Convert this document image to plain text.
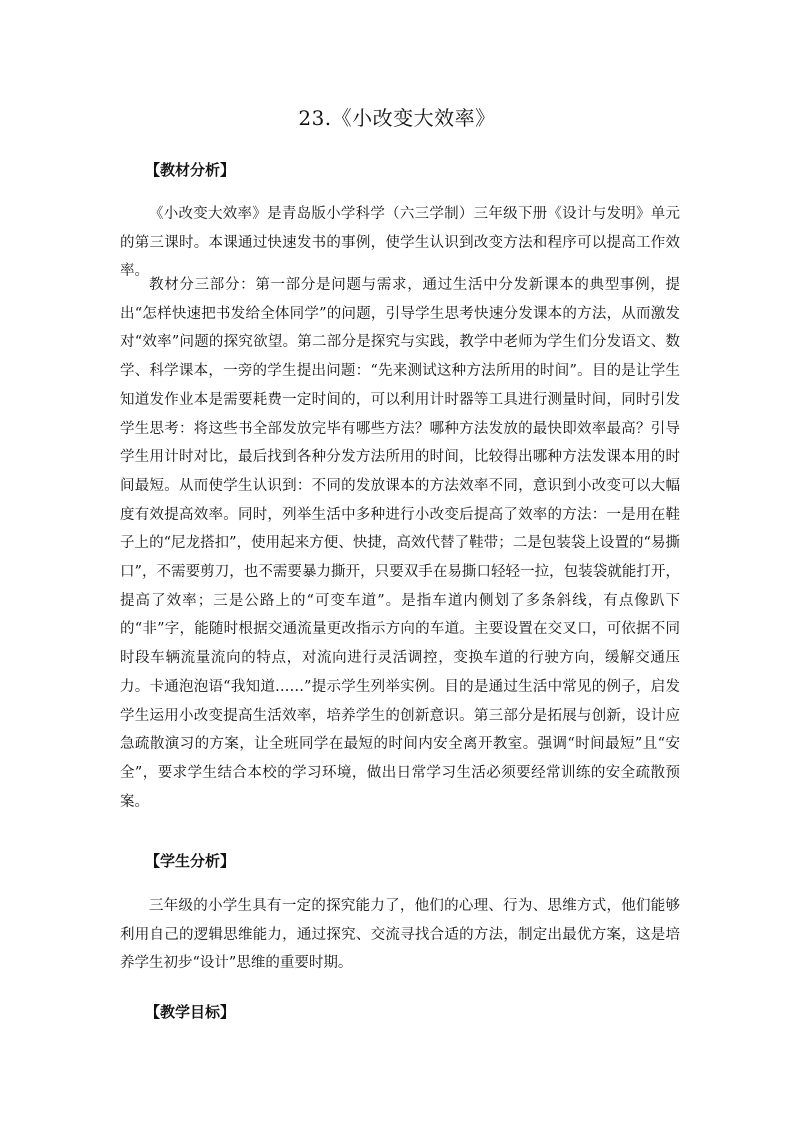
23.《小改变大效率》
【教材分析】

《小改变大效率》是青岛版小学科学（六三学制）三年级下册《设计与发明》单元的第三课时。本课通过快速发书的事例，使学生认识到改变方法和程序可以提高工作效率。

教材分三部分：第一部分是问题与需求，通过生活中分发新课本的典型事例，提出“怎样快速把书发给全体同学”的问题，引导学生思考快速分发课本的方法，从而激发对“效率”问题的探究欲望。第二部分是探究与实践，教学中老师为学生们分发语文、数学、科学课本，一旁的学生提出问题：“先来测试这种方法所用的时间”。目的是让学生知道发作业本是需要耗费一定时间的，可以利用计时器等工具进行测量时间，同时引发学生思考：将这些书全部发放完毕有哪些方法？哪种方法发放的最快即效率最高？引导学生用计时对比，最后找到各种分发方法所用的时间，比较得出哪种方法发课本用的时间最短。从而使学生认识到：不同的发放课本的方法效率不同，意识到小改变可以大幅度有效提高效率。同时，列举生活中多种进行小改变后提高了效率的方法：一是用在鞋子上的“尼龙搭扣”，使用起来方便、快捷，高效代替了鞋带；二是包装袋上设置的“易撕口”，不需要剪刀，也不需要暴力撕开，只要双手在易撕口轻轻一拉，包装袋就能打开，提高了效率；三是公路上的“可变车道”。是指车道内侧划了多条斜线，有点像趴下的“非”字，能随时根据交通流量更改指示方向的车道。主要设置在交叉口，可依据不同时段车辆流量流向的特点，对流向进行灵活调控，变换车道的行驶方向，缓解交通压力。卡通泡泡语“我知道……”提示学生列举实例。目的是通过生活中常见的例子，启发学生运用小改变提高生活效率，培养学生的创新意识。第三部分是拓展与创新，设计应急疏散演习的方案，让全班同学在最短的时间内安全离开教室。强调“时间最短”且“安全”，要求学生结合本校的学习环境，做出日常学习生活必须要经常训练的安全疏散预案。

【学生分析】

三年级的小学生具有一定的探究能力了，他们的心理、行为、思维方式，他们能够利用自己的逻辑思维能力，通过探究、交流寻找合适的方法，制定出最优方案，这是培养学生初步“设计”思维的重要时期。

【教学目标】
